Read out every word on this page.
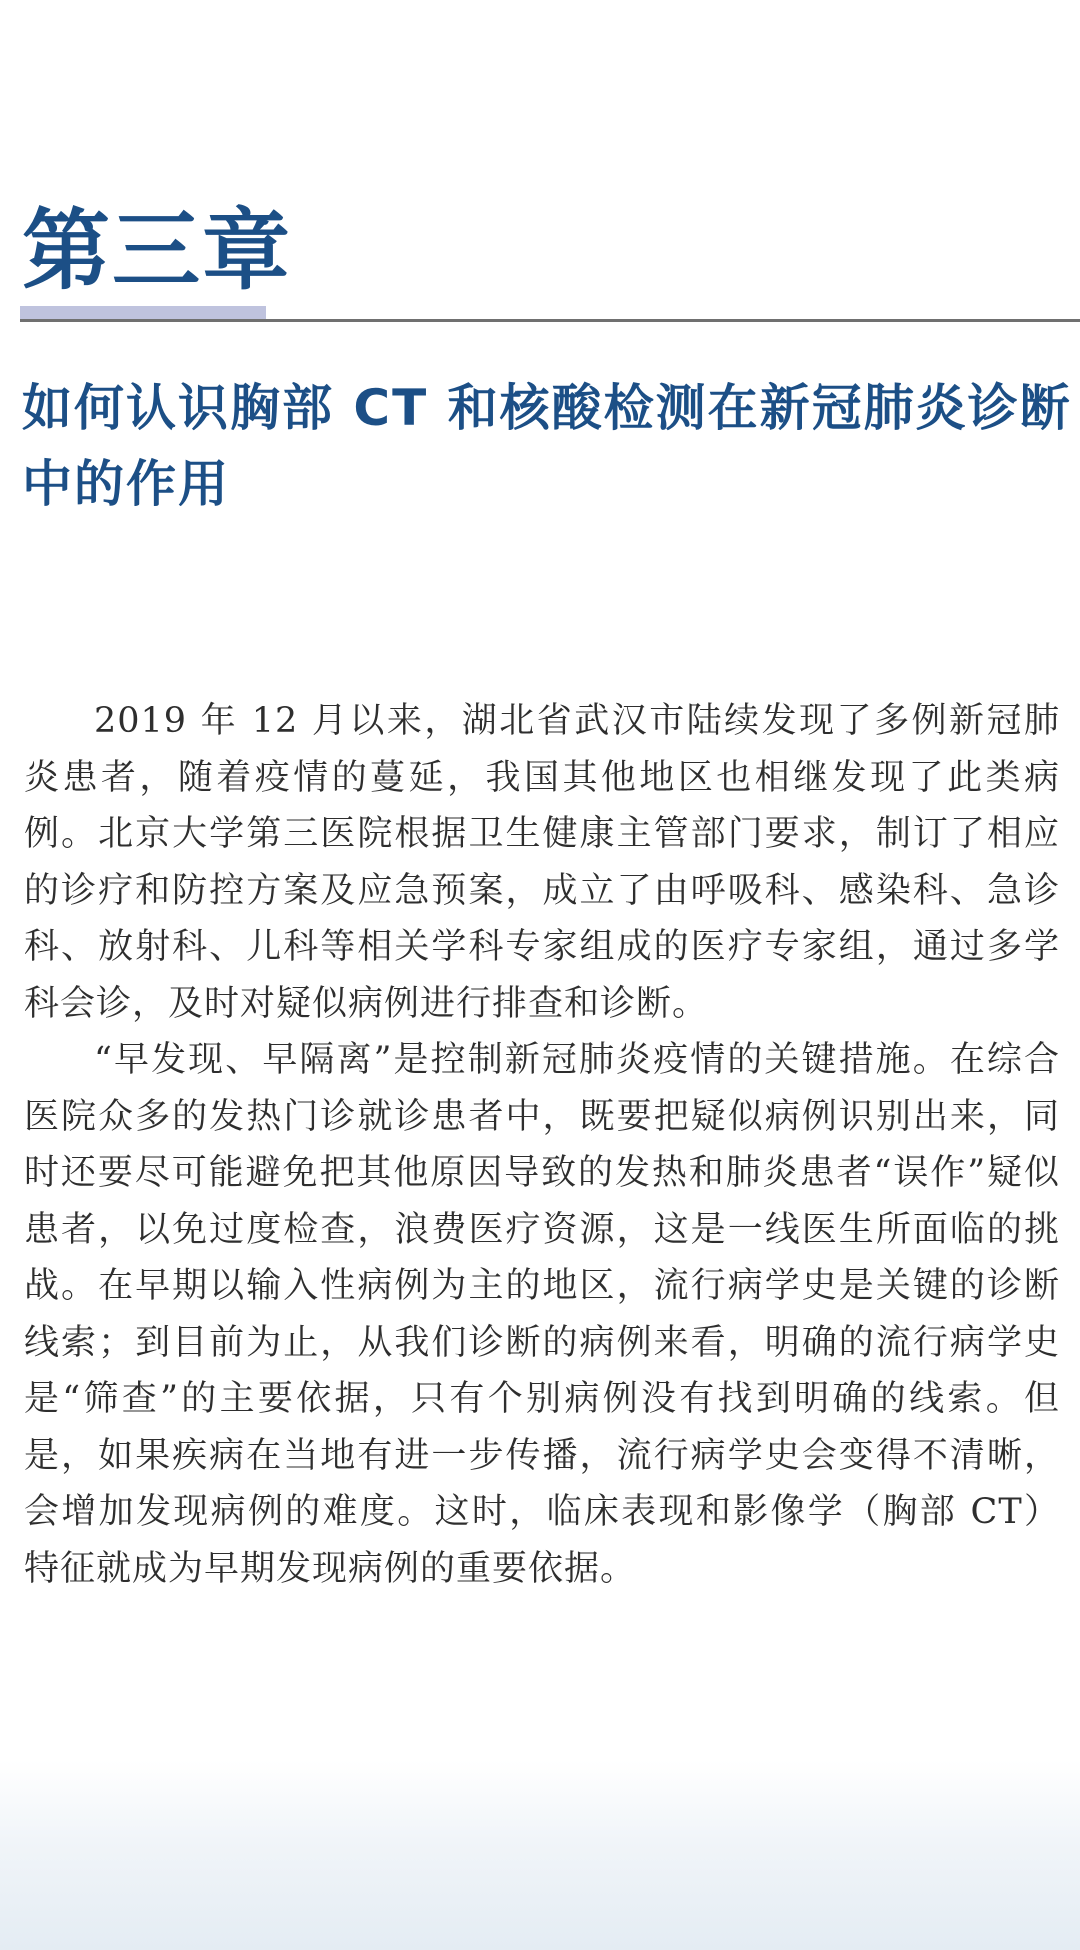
第三章
如何认识胸部 CT 和核酸检测在新冠肺炎诊断中的作用

2019 年 12 月以来，湖北省武汉市陆续发现了多例新冠肺炎患者，随着疫情的蔓延，我国其他地区也相继发现了此类病例。北京大学第三医院根据卫生健康主管部门要求，制订了相应的诊疗和防控方案及应急预案，成立了由呼吸科、感染科、急诊科、放射科、儿科等相关学科专家组成的医疗专家组，通过多学科会诊，及时对疑似病例进行排查和诊断。

“早发现、早隔离”是控制新冠肺炎疫情的关键措施。在综合医院众多的发热门诊就诊患者中，既要把疑似病例识别出来，同时还要尽可能避免把其他原因导致的发热和肺炎患者“误作”疑似患者，以免过度检查，浪费医疗资源，这是一线医生所面临的挑战。在早期以输入性病例为主的地区，流行病学史是关键的诊断线索；到目前为止，从我们诊断的病例来看，明确的流行病学史是“筛查”的主要依据，只有个别病例没有找到明确的线索。但是，如果疾病在当地有进一步传播，流行病学史会变得不清晰，会增加发现病例的难度。这时，临床表现和影像学（胸部 CT）特征就成为早期发现病例的重要依据。
